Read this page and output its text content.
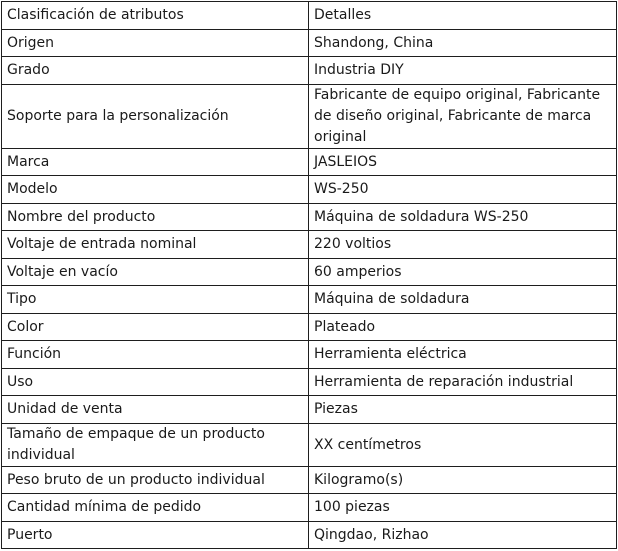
Clasificación de atributos	Detalles
Origen	Shandong, China
Grado	Industria DIY
Soporte para la personalización	Fabricante de equipo original, Fabricante de diseño original, Fabricante de marca original
Marca	JASLEIOS
Modelo	WS-250
Nombre del producto	Máquina de soldadura WS-250
Voltaje de entrada nominal	220 voltios
Voltaje en vacío	60 amperios
Tipo	Máquina de soldadura
Color	Plateado
Función	Herramienta eléctrica
Uso	Herramienta de reparación industrial
Unidad de venta	Piezas
Tamaño de empaque de un producto individual	XX centímetros
Peso bruto de un producto individual	Kilogramo(s)
Cantidad mínima de pedido	100 piezas
Puerto	Qingdao, Rizhao
